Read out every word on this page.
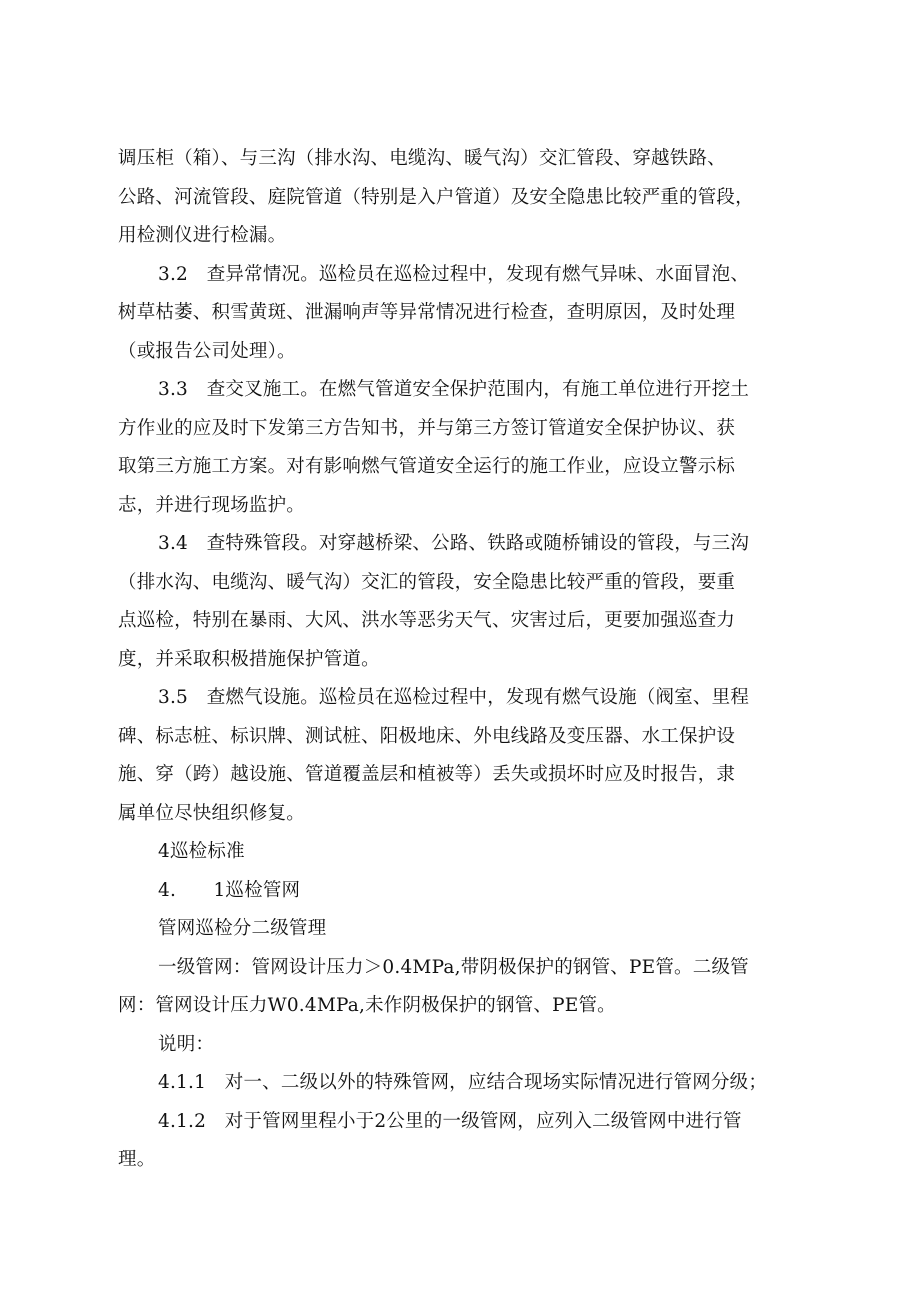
调压柜（箱）、与三沟（排水沟、电缆沟、暖气沟）交汇管段、穿越铁路、
公路、河流管段、庭院管道（特别是入户管道）及安全隐患比较严重的管段，
用检测仪进行检漏。

3.2　查异常情况。巡检员在巡检过程中，发现有燃气异味、水面冒泡、
树草枯萎、积雪黄斑、泄漏响声等异常情况进行检查，查明原因，及时处理
（或报告公司处理）。

3.3　查交叉施工。在燃气管道安全保护范围内，有施工单位进行开挖土
方作业的应及时下发第三方告知书，并与第三方签订管道安全保护协议、获
取第三方施工方案。对有影响燃气管道安全运行的施工作业，应设立警示标
志，并进行现场监护。

3.4　查特殊管段。对穿越桥梁、公路、铁路或随桥铺设的管段，与三沟
（排水沟、电缆沟、暖气沟）交汇的管段，安全隐患比较严重的管段，要重
点巡检，特别在暴雨、大风、洪水等恶劣天气、灾害过后，更要加强巡查力
度，并采取积极措施保护管道。

3.5　查燃气设施。巡检员在巡检过程中，发现有燃气设施（阀室、里程
碑、标志桩、标识牌、测试桩、阳极地床、外电线路及变压器、水工保护设
施、穿（跨）越设施、管道覆盖层和植被等）丢失或损坏时应及时报告，隶
属单位尽快组织修复。

4巡检标准

4.　　1巡检管网

管网巡检分二级管理

一级管网：管网设计压力＞0.4MPa,带阴极保护的钢管、PE管。二级管
网：管网设计压力W0.4MPa,未作阴极保护的钢管、PE管。

说明：

4.1.1　对一、二级以外的特殊管网，应结合现场实际情况进行管网分级；

4.1.2　对于管网里程小于2公里的一级管网，应列入二级管网中进行管
理。
